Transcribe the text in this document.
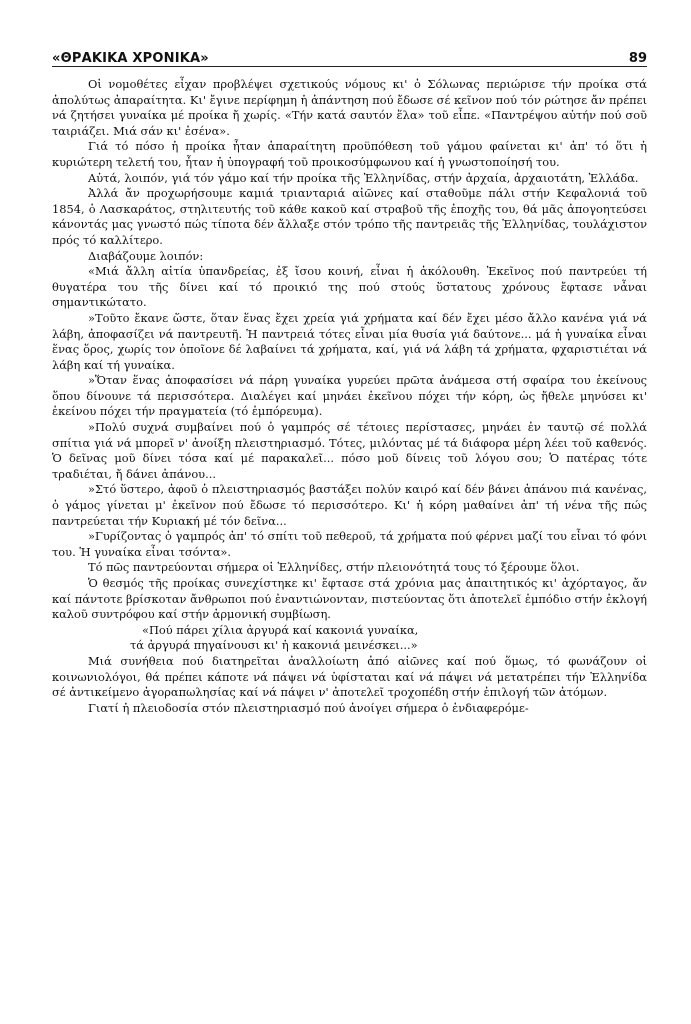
«ΘΡΑΚΙΚΑ ΧΡΟΝΙΚΑ»	89

Οἱ νομοθέτες εἶχαν προβλέψει σχετικούς νόμους κι' ὁ Σόλωνας περιώρισε τήν προίκα στά ἀπολύτως ἀπαραίτητα. Κι' ἔγινε περίφημη ἡ ἀπάντηση πού ἔδωσε σέ κεῖνον πού τόν ρώτησε ἄν πρέπει νά ζητήσει γυναίκα μέ προίκα ἤ χωρίς. «Τήν κατά σαυτόν ἕλα» τοῦ εἶπε. «Παντρέψου αὐτήν πού σοῦ ταιριάζει. Μιά σάν κι' ἐσένα».

Γιά τό πόσο ἡ προίκα ἦταν ἀπαραίτητη προϋπόθεση τοῦ γάμου φαίνεται κι' ἀπ' τό ὅτι ἡ κυριώτερη τελετή του, ἦταν ἡ ὑπογραφή τοῦ προικοσύμφωνου καί ἡ γνωστοποίησή του.

Αὐτά, λοιπόν, γιά τόν γάμο καί τήν προίκα τῆς Ἑλληνίδας, στήν ἀρχαία, ἀρχαιοτάτη, Ἑλλάδα.

Ἀλλά ἄν προχωρήσουμε καμιά τριανταριά αἰῶνες καί σταθοῦμε πάλι στήν Κεφαλονιά τοῦ 1854, ὁ Λασκαράτος, στηλιτευτής τοῦ κάθε κακοῦ καί στραβοῦ τῆς ἐποχῆς του, θά μᾶς ἀπογοητεύσει κάνοντάς μας γνωστό πώς τίποτα δέν ἄλλαξε στόν τρόπο τῆς παντρειᾶς τῆς Ἑλληνίδας, τουλάχιστον πρός τό καλλίτερο.

Διαβάζουμε λοιπόν:

«Μιά ἄλλη αἰτία ὑπανδρείας, ἐξ ἴσου κοινή, εἶναι ἡ ἀκόλουθη. Ἐκεῖνος πού παντρεύει τή θυγατέρα του τῆς δίνει καί τό προικιό της πού στούς ὕστατους χρόνους ἔφτασε νἆναι σημαντικώτατο.

»Τοῦτο ἔκανε ὥστε, ὅταν ἕνας ἔχει χρεία γιά χρήματα καί δέν ἔχει μέσο ἄλλο κανένα γιά νά λάβη, ἀποφασίζει νά παντρευτῆ. Ἡ παντρειά τότες εἶναι μία θυσία γιά δαύτονε... μά ἡ γυναίκα εἶναι ἕνας ὅρος, χωρίς τον ὁποῖονε δέ λαβαίνει τά χρήματα, καί, γιά νά λάβη τά χρήματα, φχαριστιέται νά λάβη καί τή γυναίκα.

»Ὅταν ἕνας ἀποφασίσει νά πάρη γυναίκα γυρεύει πρῶτα ἀνάμεσα στή σφαίρα του ἐκείνους ὅπου δίνουνε τά περισσότερα. Διαλέγει καί μηνάει ἐκεῖνου πόχει τήν κόρη, ὡς ἤθελε μηνύσει κι' ἐκείνου πόχει τήν πραγματεία (τό ἐμπόρευμα).

»Πολύ συχνά συμβαίνει πού ὁ γαμπρός σέ τέτοιες περίστασες, μηνάει ἐν ταυτῷ σέ πολλά σπίτια γιά νά μπορεῖ ν' ἀνοίξη πλειστηριασμό. Τότες, μιλόντας μέ τά διάφορα μέρη λέει τοῦ καθενός. Ὁ δεῖνας μοῦ δίνει τόσα καί μέ παρακαλεῖ... πόσο μοῦ δίνεις τοῦ λόγου σου; Ὁ πατέρας τότε τραδιέται, ἤ δάνει ἀπάνου...

»Στό ὕστερο, ἀφοῦ ὁ πλειστηριασμός βαστάξει πολύν καιρό καί δέν βάνει ἀπάνου πιά κανένας, ὁ γάμος γίνεται μ' ἐκεῖνον πού ἔδωσε τό περισσότερο. Κι' ἡ κόρη μαθαίνει ἀπ' τή νένα τῆς πώς παντρεύεται τήν Κυριακή μέ τόν δεῖνα...

»Γυρίζοντας ὁ γαμπρός ἀπ' τό σπίτι τοῦ πεθεροῦ, τά χρήματα πού φέρνει μαζί του εἶναι τό φόνι του. Ἡ γυναίκα εἶναι τσόντα».

Τό πῶς παντρεύονται σήμερα οἱ Ἑλληνίδες, στήν πλειονότητά τους τό ξέρουμε ὅλοι.

Ὁ θεσμός τῆς προίκας συνεχίστηκε κι' ἔφτασε στά χρόνια μας ἀπαιτητικός κι' ἀχόρταγος, ἄν καί πάντοτε βρίσκοταν ἄνθρωποι πού ἐναντιώνονταν, πιστεύοντας ὅτι ἀποτελεῖ ἐμπόδιο στήν ἐκλογή καλοῦ συντρόφου καί στήν ἁρμονική συμβίωση.

«Πού πάρει χίλια ἀργυρά καί κακονιά γυναίκα,

τά ἀργυρά πηγαίνουσι κι' ἡ κακονιά μεινέσκει...»

Μιά συνήθεια πού διατηρεῖται ἀναλλοίωτη ἀπό αἰῶνες καί πού ὅμως, τό φωνάζουν οἱ κοινωνιολόγοι, θά πρέπει κάποτε νά πάψει νά ὑφίσταται καί νά πάψει νά μετατρέπει τήν Ἑλληνίδα σέ ἀντικείμενο ἀγοραπωλησίας καί νά πάψει ν' ἀποτελεῖ τροχοπέδη στήν ἐπιλογή τῶν ἀτόμων.

Γιατί ἡ πλειοδοσία στόν πλειστηριασμό πού ἀνοίγει σήμερα ὁ ἐνδιαφερόμε-
